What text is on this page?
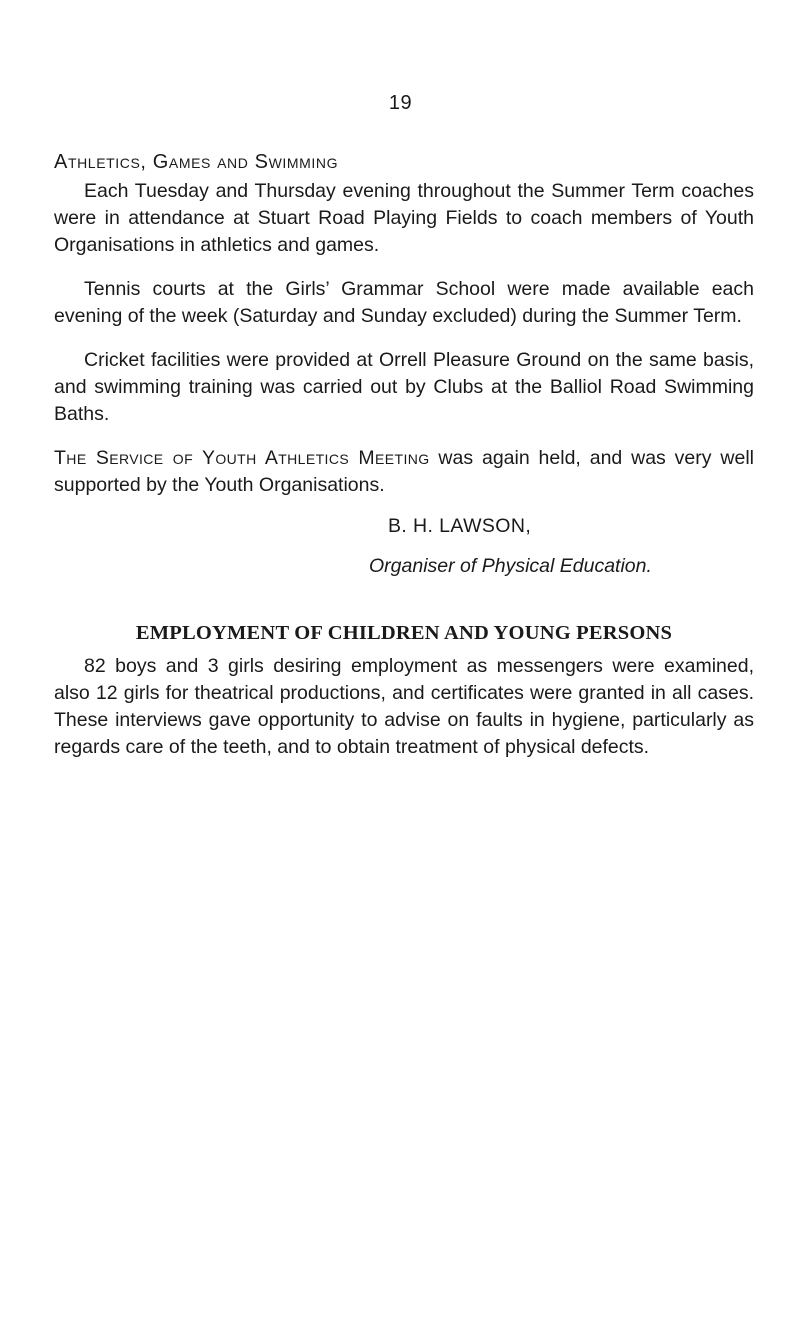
19
Athletics, Games and Swimming

Each Tuesday and Thursday evening throughout the Summer Term coaches were in attendance at Stuart Road Playing Fields to coach members of Youth Organisations in athletics and games.

Tennis courts at the Girls’ Grammar School were made available each evening of the week (Saturday and Sunday excluded) during the Summer Term.

Cricket facilities were provided at Orrell Pleasure Ground on the same basis, and swimming training was carried out by Clubs at the Balliol Road Swimming Baths.

The Service of Youth Athletics Meeting was again held, and was very well supported by the Youth Organisations.

B. H. LAWSON,
Organiser of Physical Education.
EMPLOYMENT OF CHILDREN AND YOUNG PERSONS

82 boys and 3 girls desiring employment as messengers were examined, also 12 girls for theatrical productions, and certificates were granted in all cases. These interviews gave opportunity to advise on faults in hygiene, particularly as regards care of the teeth, and to obtain treatment of physical defects.
